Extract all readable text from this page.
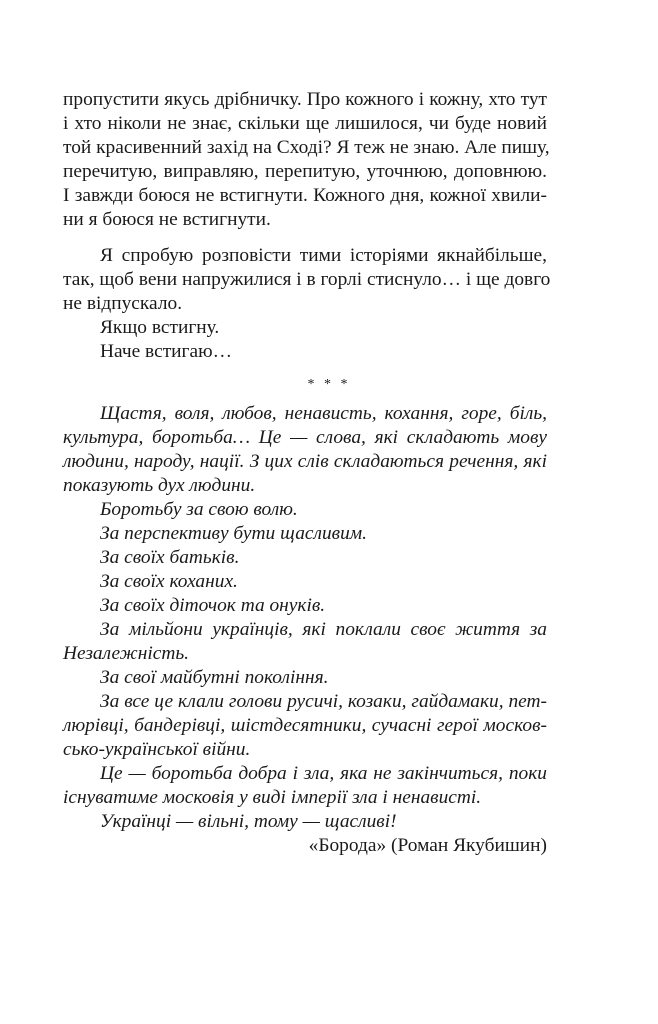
пропустити якусь дрібничку. Про кожного і кожну, хто тут
і хто ніколи не знає, скільки ще лишилося, чи буде новий
той красивенний захід на Сході? Я теж не знаю. Але пишу,
перечитую, виправляю, перепитую, уточнюю, доповнюю.
І завжди боюся не встигнути. Кожного дня, кожної хвили-
ни я боюся не встигнути.
Я спробую розповісти тими історіями якнайбільше,
так, щоб вени напружилися і в горлі стиснуло… і ще довго
не відпускало.
Якщо встигну.
Наче встигаю…
* * *
Щастя, воля, любов, ненависть, кохання, горе, біль,
культура, боротьба… Це — слова, які складають мову
людини, народу, нації. З цих слів складаються речення, які
показують дух людини.
Боротьбу за свою волю.
За перспективу бути щасливим.
За своїх батьків.
За своїх коханих.
За своїх діточок та онуків.
За мільйони українців, які поклали своє життя за
Незалежність.
За свої майбутні покоління.
За все це клали голови русичі, козаки, гайдамаки, пет-
люрівці, бандерівці, шістдесятники, сучасні герої москов-
сько-української війни.
Це — боротьба добра і зла, яка не закінчиться, поки
існуватиме московія у виді імперії зла і ненависті.
Українці — вільні, тому — щасливі!
«Борода» (Роман Якубишин)
